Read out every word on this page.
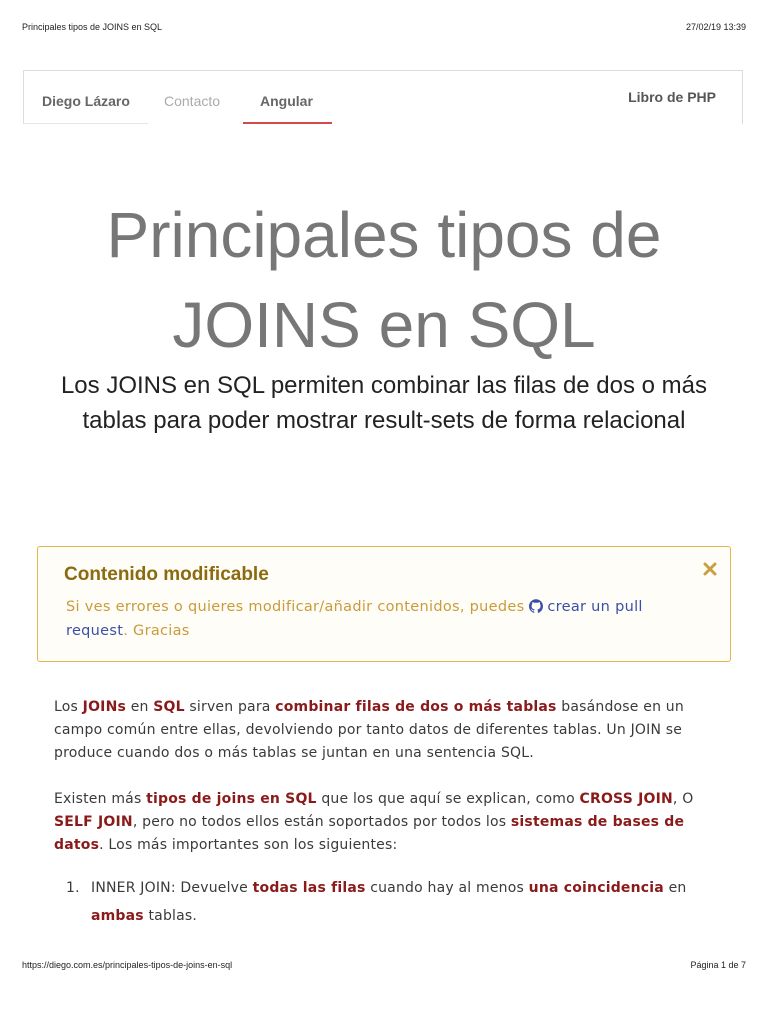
Principales tipos de JOINS en SQL	27/02/19 13:39
Diego Lázaro Contacto	Angular	Libro de PHP
Principales tipos de
JOINS en SQL

Los JOINS en SQL permiten combinar las filas de dos o más tablas para poder mostrar result-sets de forma relacional

Contenido modificable
Si ves errores o quieres modificar/añadir contenidos, puedes crear un pull request. Gracias

Los JOINs en SQL sirven para combinar filas de dos o más tablas basándose en un campo común entre ellas, devolviendo por tanto datos de diferentes tablas. Un JOIN se produce cuando dos o más tablas se juntan en una sentencia SQL.

Existen más tipos de joins en SQL que los que aquí se explican, como CROSS JOIN, O SELF JOIN, pero no todos ellos están soportados por todos los sistemas de bases de datos. Los más importantes son los siguientes:

1. INNER JOIN: Devuelve todas las filas cuando hay al menos una coincidencia en ambas tablas.
https://diego.com.es/principales-tipos-de-joins-en-sql	Página 1 de 7
